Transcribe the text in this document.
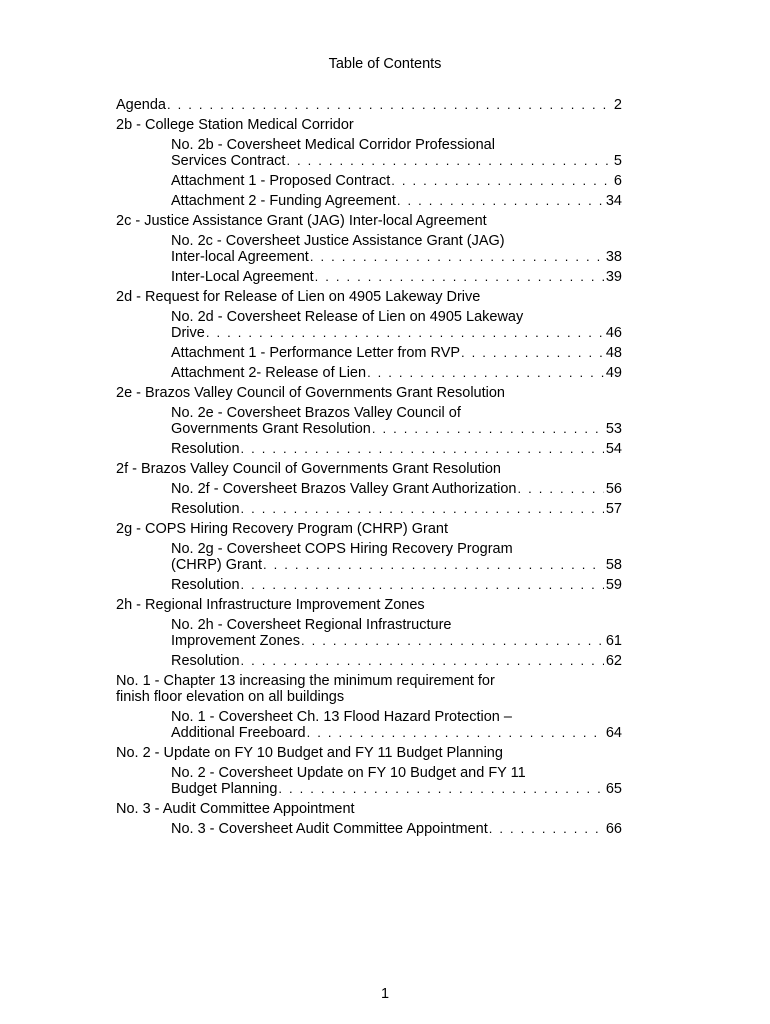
Table of Contents
Agenda . . .	2
2b - College Station Medical Corridor
No. 2b - Coversheet Medical Corridor Professional
Services Contract . . .	5
Attachment 1 - Proposed Contract . . .	6
Attachment 2 - Funding Agreement . . .	34
2c - Justice Assistance Grant (JAG) Inter-local Agreement
No. 2c - Coversheet Justice Assistance Grant (JAG)
Inter-local Agreement . . .	38
Inter-Local Agreement . . .	39
2d - Request for Release of Lien on 4905 Lakeway Drive
No. 2d - Coversheet Release of Lien on 4905 Lakeway
Drive . . .	46
Attachment 1 - Performance Letter from RVP . . .	48
Attachment 2- Release of Lien . . .	49
2e - Brazos Valley Council of Governments Grant Resolution
No. 2e - Coversheet Brazos Valley Council of
Governments Grant Resolution . . .	53
Resolution . . .	54
2f - Brazos Valley Council of Governments Grant Resolution
No. 2f - Coversheet Brazos Valley Grant Authorization . . .	56
Resolution . . .	57
2g - COPS Hiring Recovery Program (CHRP) Grant
No. 2g - Coversheet COPS Hiring Recovery Program
(CHRP) Grant . . .	58
Resolution . . .	59
2h - Regional Infrastructure Improvement Zones
No. 2h - Coversheet Regional Infrastructure
Improvement Zones . . .	61
Resolution . . .	62
No. 1 - Chapter 13 increasing the minimum requirement for
finish floor elevation on all buildings
No. 1 - Coversheet Ch. 13 Flood Hazard Protection –
Additional Freeboard . . .	64
No. 2 - Update on FY 10 Budget and FY 11 Budget Planning
No. 2 - Coversheet Update on FY 10 Budget and FY 11
Budget Planning . . .	65
No. 3 - Audit Committee Appointment
No. 3 - Coversheet Audit Committee Appointment . . .	66
1
